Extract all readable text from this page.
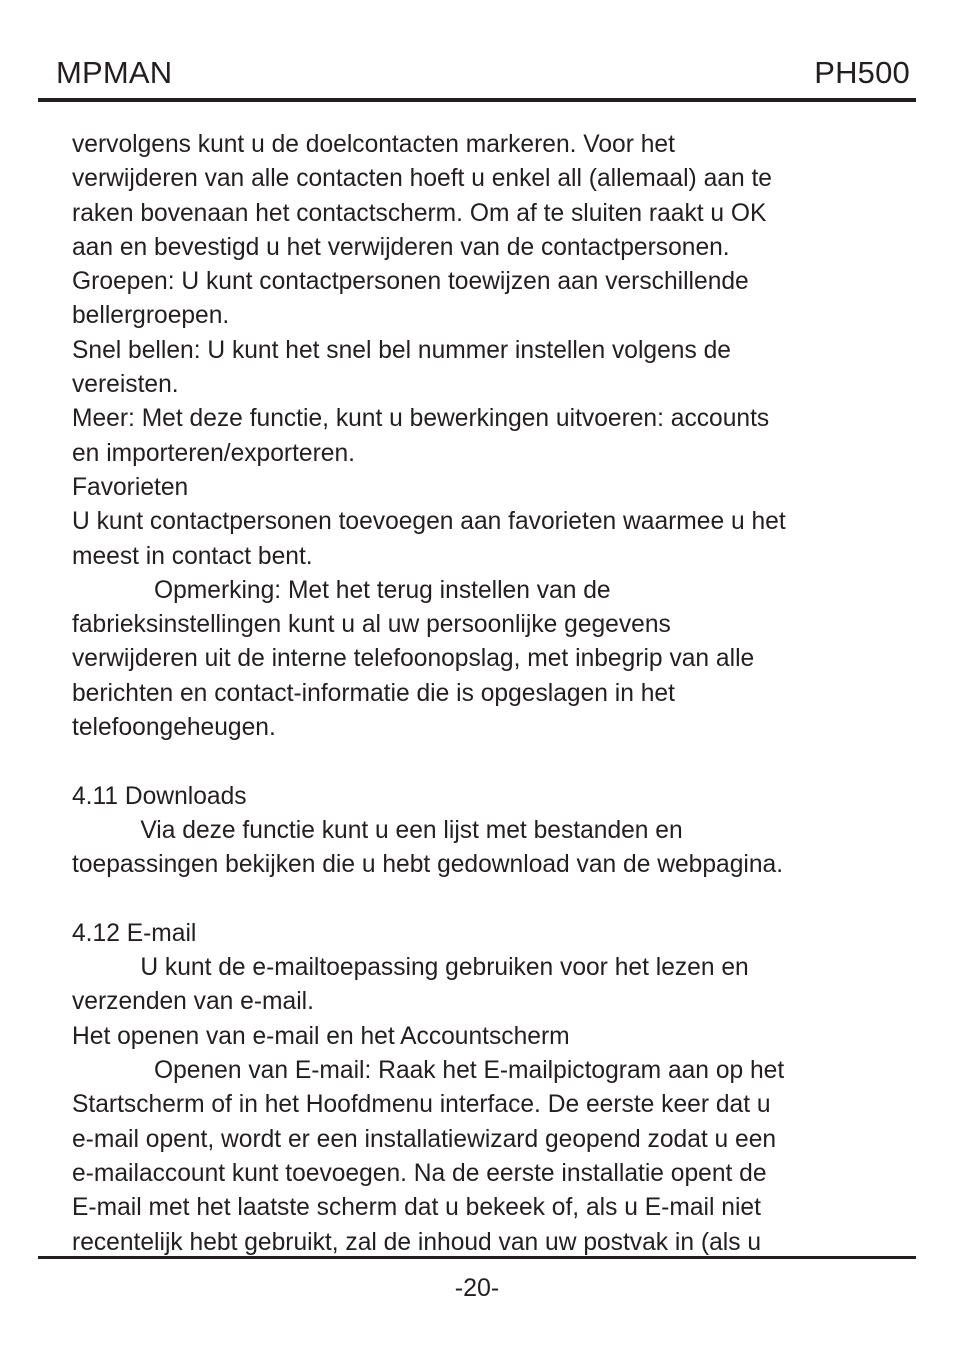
MPMAN	PH500
vervolgens kunt u de doelcontacten markeren. Voor het
verwijderen van alle contacten hoeft u enkel all (allemaal) aan te
raken bovenaan het contactscherm. Om af te sluiten raakt u OK
aan en bevestigd u het verwijderen van de contactpersonen.
Groepen: U kunt contactpersonen toewijzen aan verschillende
bellergroepen.
Snel bellen: U kunt het snel bel nummer instellen volgens de
vereisten.
Meer: Met deze functie, kunt u bewerkingen uitvoeren: accounts
en importeren/exporteren.
Favorieten
U kunt contactpersonen toevoegen aan favorieten waarmee u het
meest in contact bent.
Opmerking: Met het terug instellen van de
fabrieksinstellingen kunt u al uw persoonlijke gegevens
verwijderen uit de interne telefoonopslag, met inbegrip van alle
berichten en contact-informatie die is opgeslagen in het
telefoongeheugen.
4.11 Downloads
Via deze functie kunt u een lijst met bestanden en
toepassingen bekijken die u hebt gedownload van de webpagina.
4.12 E-mail
U kunt de e-mailtoepassing gebruiken voor het lezen en
verzenden van e-mail.
Het openen van e-mail en het Accountscherm
Openen van E-mail: Raak het E-mailpictogram aan op het
Startscherm of in het Hoofdmenu interface. De eerste keer dat u
e-mail opent, wordt er een installatiewizard geopend zodat u een
e-mailaccount kunt toevoegen. Na de eerste installatie opent de
E-mail met het laatste scherm dat u bekeek of, als u E-mail niet
recentelijk hebt gebruikt, zal de inhoud van uw postvak in (als u
-20-
